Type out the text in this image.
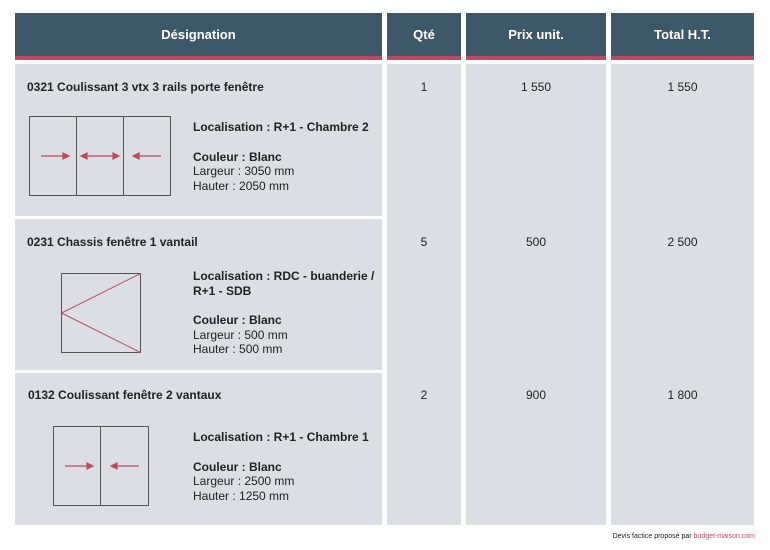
Désignation	Qté	Prix unit.	Total H.T.
0321 Coulissant 3 vtx 3 rails porte fenêtre
Localisation : R+1 - Chambre 2
Couleur : Blanc
Largeur : 3050 mm
Hauter : 2050 mm
1	1 550	1 550
0231 Chassis fenêtre 1 vantail
Localisation : RDC - buanderie / R+1 - SDB
Couleur : Blanc
Largeur : 500 mm
Hauter : 500 mm
5	500	2 500
0132 Coulissant fenêtre 2 vantaux
Localisation : R+1 - Chambre 1
Couleur : Blanc
Largeur : 2500 mm
Hauter : 1250 mm
2	900	1 800
Devis factice proposé par budget-maison.com
